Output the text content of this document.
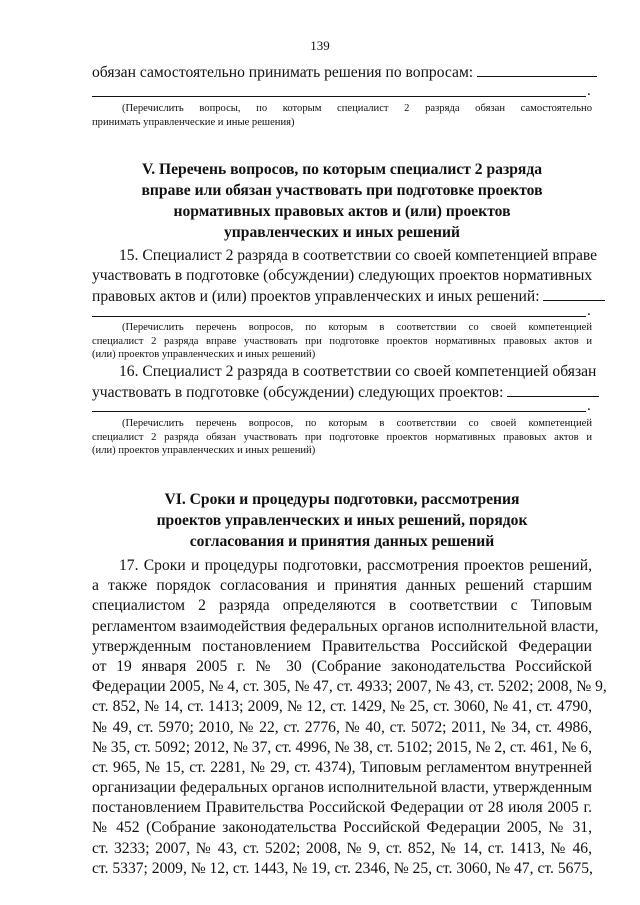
139
обязан самостоятельно принимать решения по вопросам:
.
(Перечислить вопросы, по которым специалист 2 разряда обязан самостоятельно
принимать управленческие и иные решения)
V. Перечень вопросов, по которым специалист 2 разряда
вправе или обязан участвовать при подготовке проектов
нормативных правовых актов и (или) проектов
управленческих и иных решений
15. Специалист 2 разряда в соответствии со своей компетенцией вправе
участвовать в подготовке (обсуждении) следующих проектов нормативных
правовых актов и (или) проектов управленческих и иных решений:
.
(Перечислить перечень вопросов, по которым в соответствии со своей компетенцией
специалист 2 разряда вправе участвовать при подготовке проектов нормативных правовых актов и
(или) проектов управленческих и иных решений)
16. Специалист 2 разряда в соответствии со своей компетенцией обязан
участвовать в подготовке (обсуждении) следующих проектов:
.
(Перечислить перечень вопросов, по которым в соответствии со своей компетенцией
специалист 2 разряда обязан участвовать при подготовке проектов нормативных правовых актов и
(или) проектов управленческих и иных решений)
VI. Сроки и процедуры подготовки, рассмотрения
проектов управленческих и иных решений, порядок
согласования и принятия данных решений
17. Сроки и процедуры подготовки, рассмотрения проектов решений,
а также порядок согласования и принятия данных решений старшим
специалистом 2 разряда определяются в соответствии с Типовым
регламентом взаимодействия федеральных органов исполнительной власти,
утвержденным постановлением Правительства Российской Федерации
от 19 января 2005 г. № 30 (Собрание законодательства Российской
Федерации 2005, № 4, ст. 305, № 47, ст. 4933; 2007, № 43, ст. 5202; 2008, № 9,
ст. 852, № 14, ст. 1413; 2009, № 12, ст. 1429, № 25, ст. 3060, № 41, ст. 4790,
№ 49, ст. 5970; 2010, № 22, ст. 2776, № 40, ст. 5072; 2011, № 34, ст. 4986,
№ 35, ст. 5092; 2012, № 37, ст. 4996, № 38, ст. 5102; 2015, № 2, ст. 461, № 6,
ст. 965, № 15, ст. 2281, № 29, ст. 4374), Типовым регламентом внутренней
организации федеральных органов исполнительной власти, утвержденным
постановлением Правительства Российской Федерации от 28 июля 2005 г.
№ 452 (Собрание законодательства Российской Федерации 2005, № 31,
ст. 3233; 2007, № 43, ст. 5202; 2008, № 9, ст. 852, № 14, ст. 1413, № 46,
ст. 5337; 2009, № 12, ст. 1443, № 19, ст. 2346, № 25, ст. 3060, № 47, ст. 5675,
